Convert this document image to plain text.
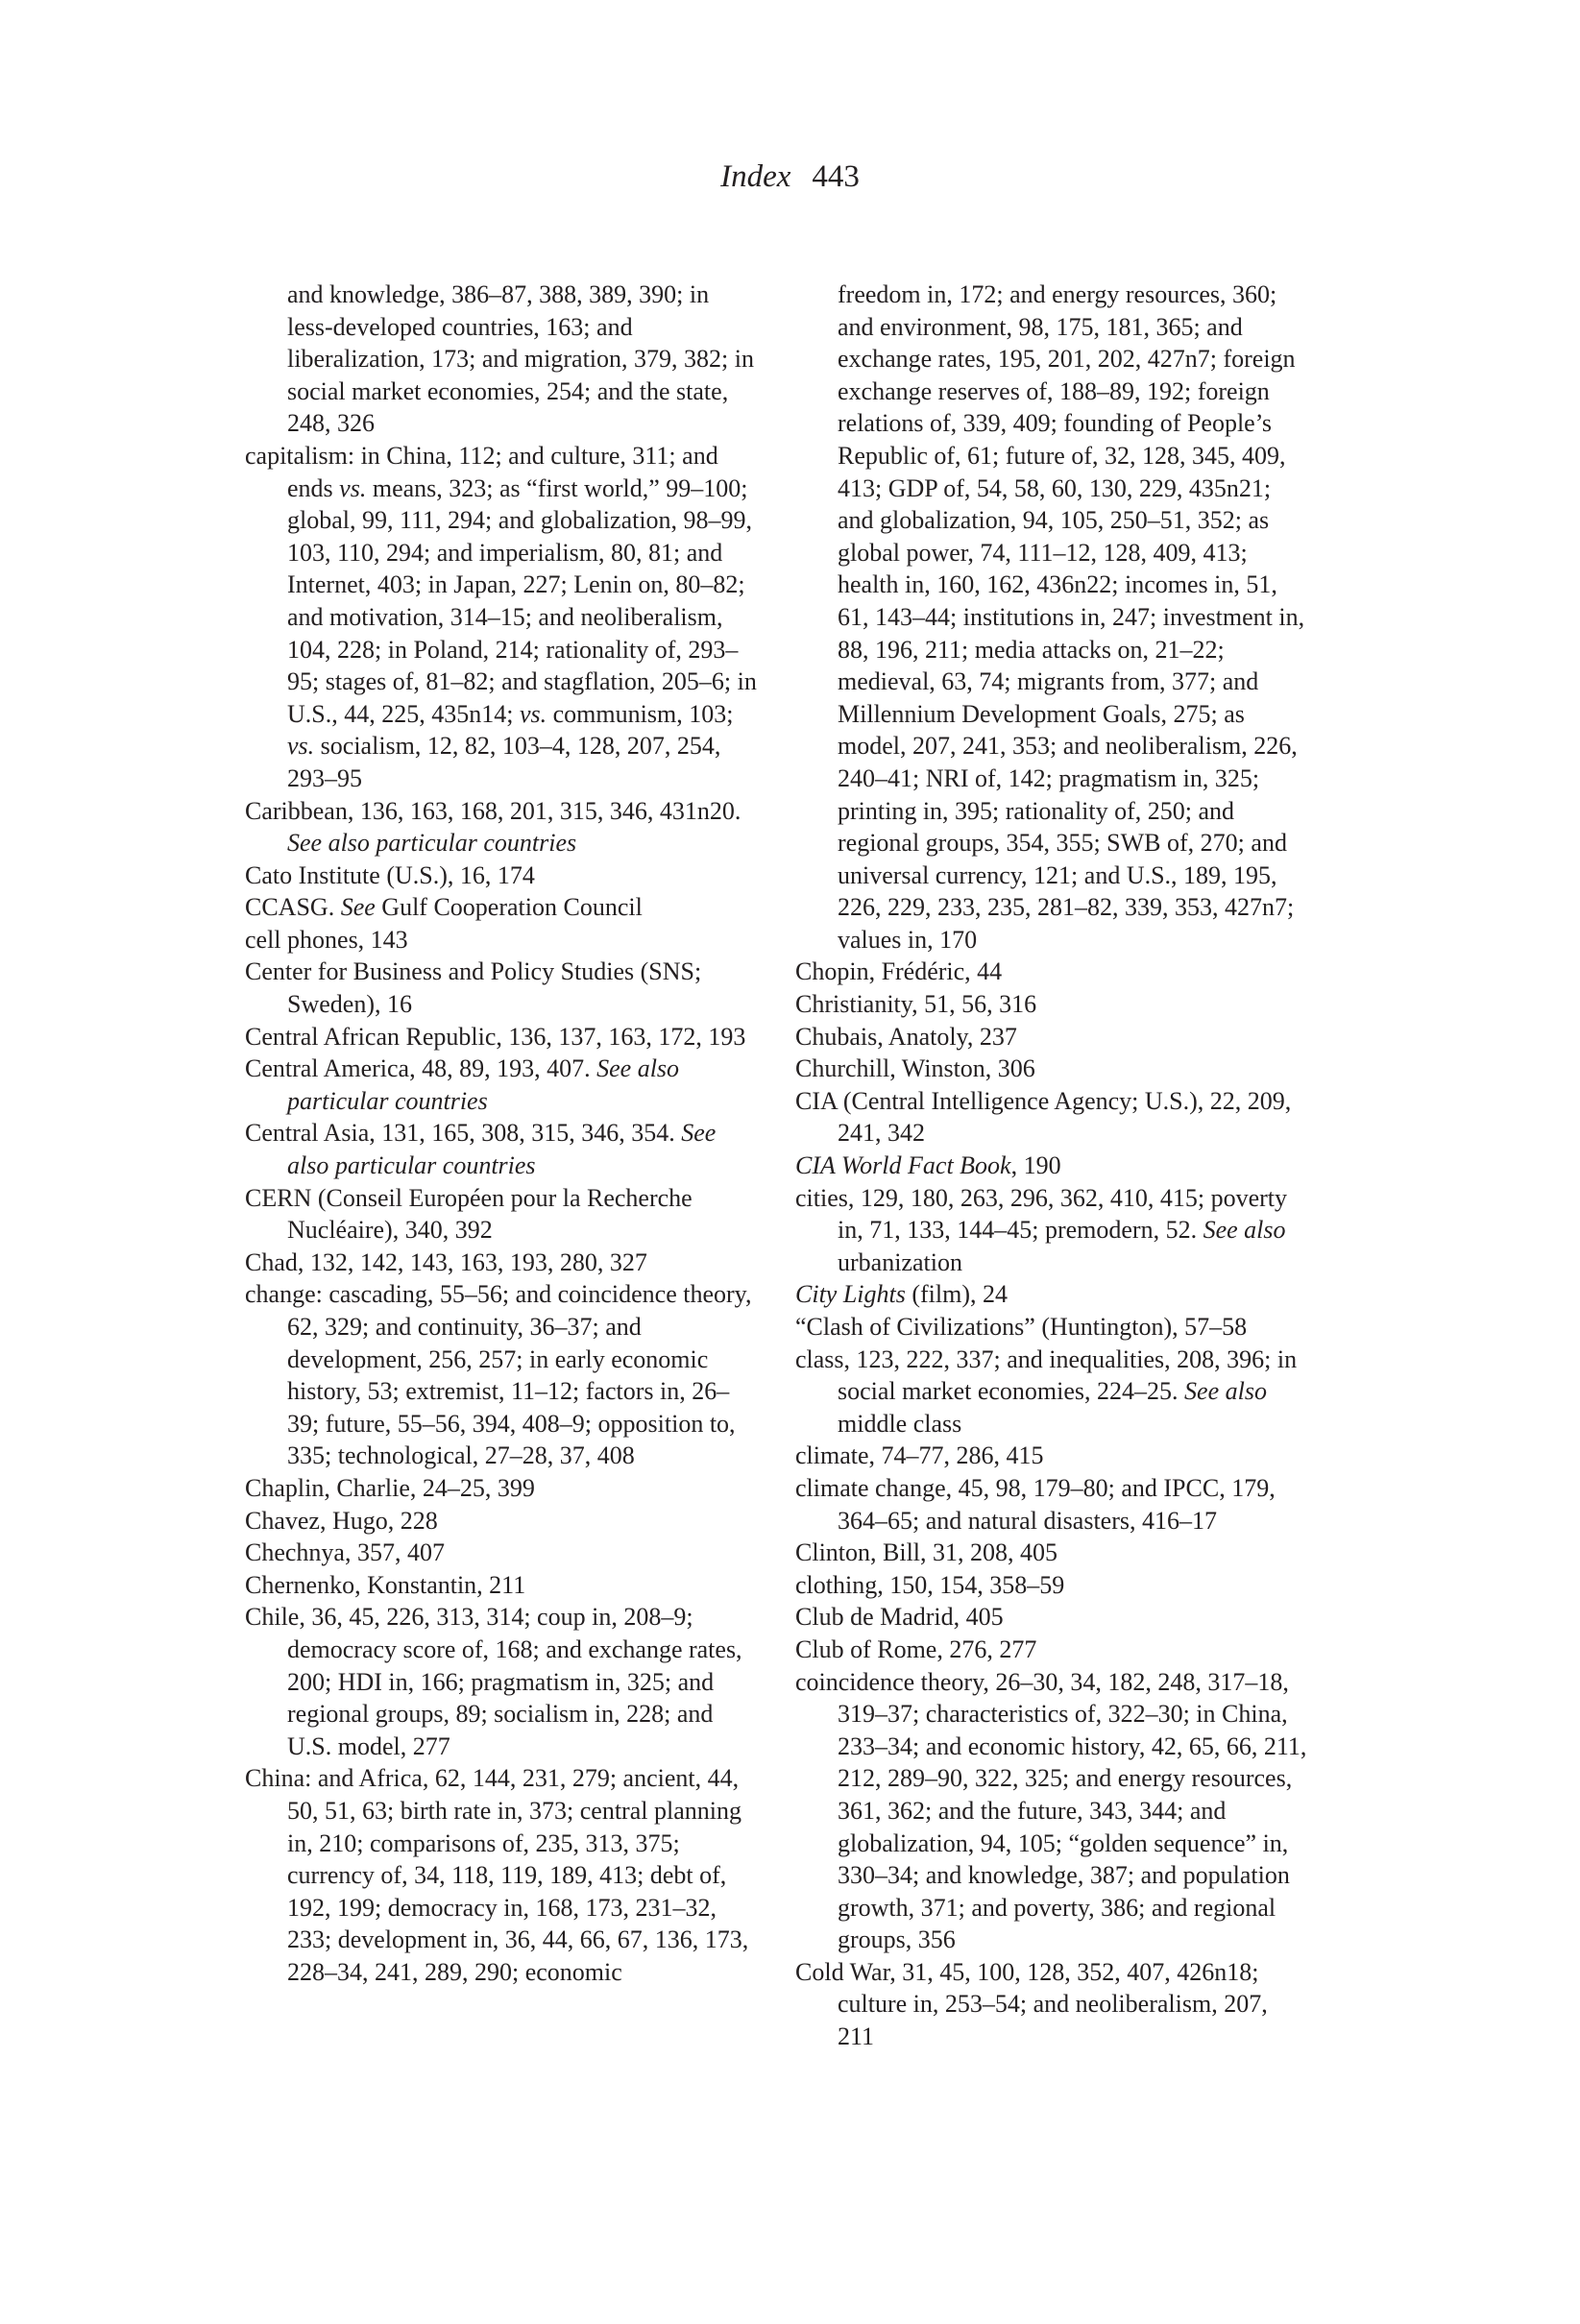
Index 443
and knowledge, 386–87, 388, 389, 390; in less-developed countries, 163; and liberalization, 173; and migration, 379, 382; in social market economies, 254; and the state, 248, 326
capitalism: in China, 112; and culture, 311; and ends vs. means, 323; as “first world,” 99–100; global, 99, 111, 294; and globalization, 98–99, 103, 110, 294; and imperialism, 80, 81; and Internet, 403; in Japan, 227; Lenin on, 80–82; and motivation, 314–15; and neoliberalism, 104, 228; in Poland, 214; rationality of, 293–95; stages of, 81–82; and stagflation, 205–6; in U.S., 44, 225, 435n14; vs. communism, 103; vs. socialism, 12, 82, 103–4, 128, 207, 254, 293–95
Caribbean, 136, 163, 168, 201, 315, 346, 431n20. See also particular countries
Cato Institute (U.S.), 16, 174
CCASG. See Gulf Cooperation Council
cell phones, 143
Center for Business and Policy Studies (SNS; Sweden), 16
Central African Republic, 136, 137, 163, 172, 193
Central America, 48, 89, 193, 407. See also particular countries
Central Asia, 131, 165, 308, 315, 346, 354. See also particular countries
CERN (Conseil Européen pour la Recherche Nucléaire), 340, 392
Chad, 132, 142, 143, 163, 193, 280, 327
change: cascading, 55–56; and coincidence theory, 62, 329; and continuity, 36–37; and development, 256, 257; in early economic history, 53; extremist, 11–12; factors in, 26–39; future, 55–56, 394, 408–9; opposition to, 335; technological, 27–28, 37, 408
Chaplin, Charlie, 24–25, 399
Chavez, Hugo, 228
Chechnya, 357, 407
Chernenko, Konstantin, 211
Chile, 36, 45, 226, 313, 314; coup in, 208–9; democracy score of, 168; and exchange rates, 200; HDI in, 166; pragmatism in, 325; and regional groups, 89; socialism in, 228; and U.S. model, 277
China: and Africa, 62, 144, 231, 279; ancient, 44, 50, 51, 63; birth rate in, 373; central planning in, 210; comparisons of, 235, 313, 375; currency of, 34, 118, 119, 189, 413; debt of, 192, 199; democracy in, 168, 173, 231–32, 233; development in, 36, 44, 66, 67, 136, 173, 228–34, 241, 289, 290; economic
freedom in, 172; and energy resources, 360; and environment, 98, 175, 181, 365; and exchange rates, 195, 201, 202, 427n7; foreign exchange reserves of, 188–89, 192; foreign relations of, 339, 409; founding of People’s Republic of, 61; future of, 32, 128, 345, 409, 413; GDP of, 54, 58, 60, 130, 229, 435n21; and globalization, 94, 105, 250–51, 352; as global power, 74, 111–12, 128, 409, 413; health in, 160, 162, 436n22; incomes in, 51, 61, 143–44; institutions in, 247; investment in, 88, 196, 211; media attacks on, 21–22; medieval, 63, 74; migrants from, 377; and Millennium Development Goals, 275; as model, 207, 241, 353; and neoliberalism, 226, 240–41; NRI of, 142; pragmatism in, 325; printing in, 395; rationality of, 250; and regional groups, 354, 355; SWB of, 270; and universal currency, 121; and U.S., 189, 195, 226, 229, 233, 235, 281–82, 339, 353, 427n7; values in, 170
Chopin, Frédéric, 44
Christianity, 51, 56, 316
Chubais, Anatoly, 237
Churchill, Winston, 306
CIA (Central Intelligence Agency; U.S.), 22, 209, 241, 342
CIA World Fact Book, 190
cities, 129, 180, 263, 296, 362, 410, 415; poverty in, 71, 133, 144–45; premodern, 52. See also urbanization
City Lights (film), 24
“Clash of Civilizations” (Huntington), 57–58
class, 123, 222, 337; and inequalities, 208, 396; in social market economies, 224–25. See also middle class
climate, 74–77, 286, 415
climate change, 45, 98, 179–80; and IPCC, 179, 364–65; and natural disasters, 416–17
Clinton, Bill, 31, 208, 405
clothing, 150, 154, 358–59
Club de Madrid, 405
Club of Rome, 276, 277
coincidence theory, 26–30, 34, 182, 248, 317–18, 319–37; characteristics of, 322–30; in China, 233–34; and economic history, 42, 65, 66, 211, 212, 289–90, 322, 325; and energy resources, 361, 362; and the future, 343, 344; and globalization, 94, 105; “golden sequence” in, 330–34; and knowledge, 387; and population growth, 371; and poverty, 386; and regional groups, 356
Cold War, 31, 45, 100, 128, 352, 407, 426n18; culture in, 253–54; and neoliberalism, 207, 211
